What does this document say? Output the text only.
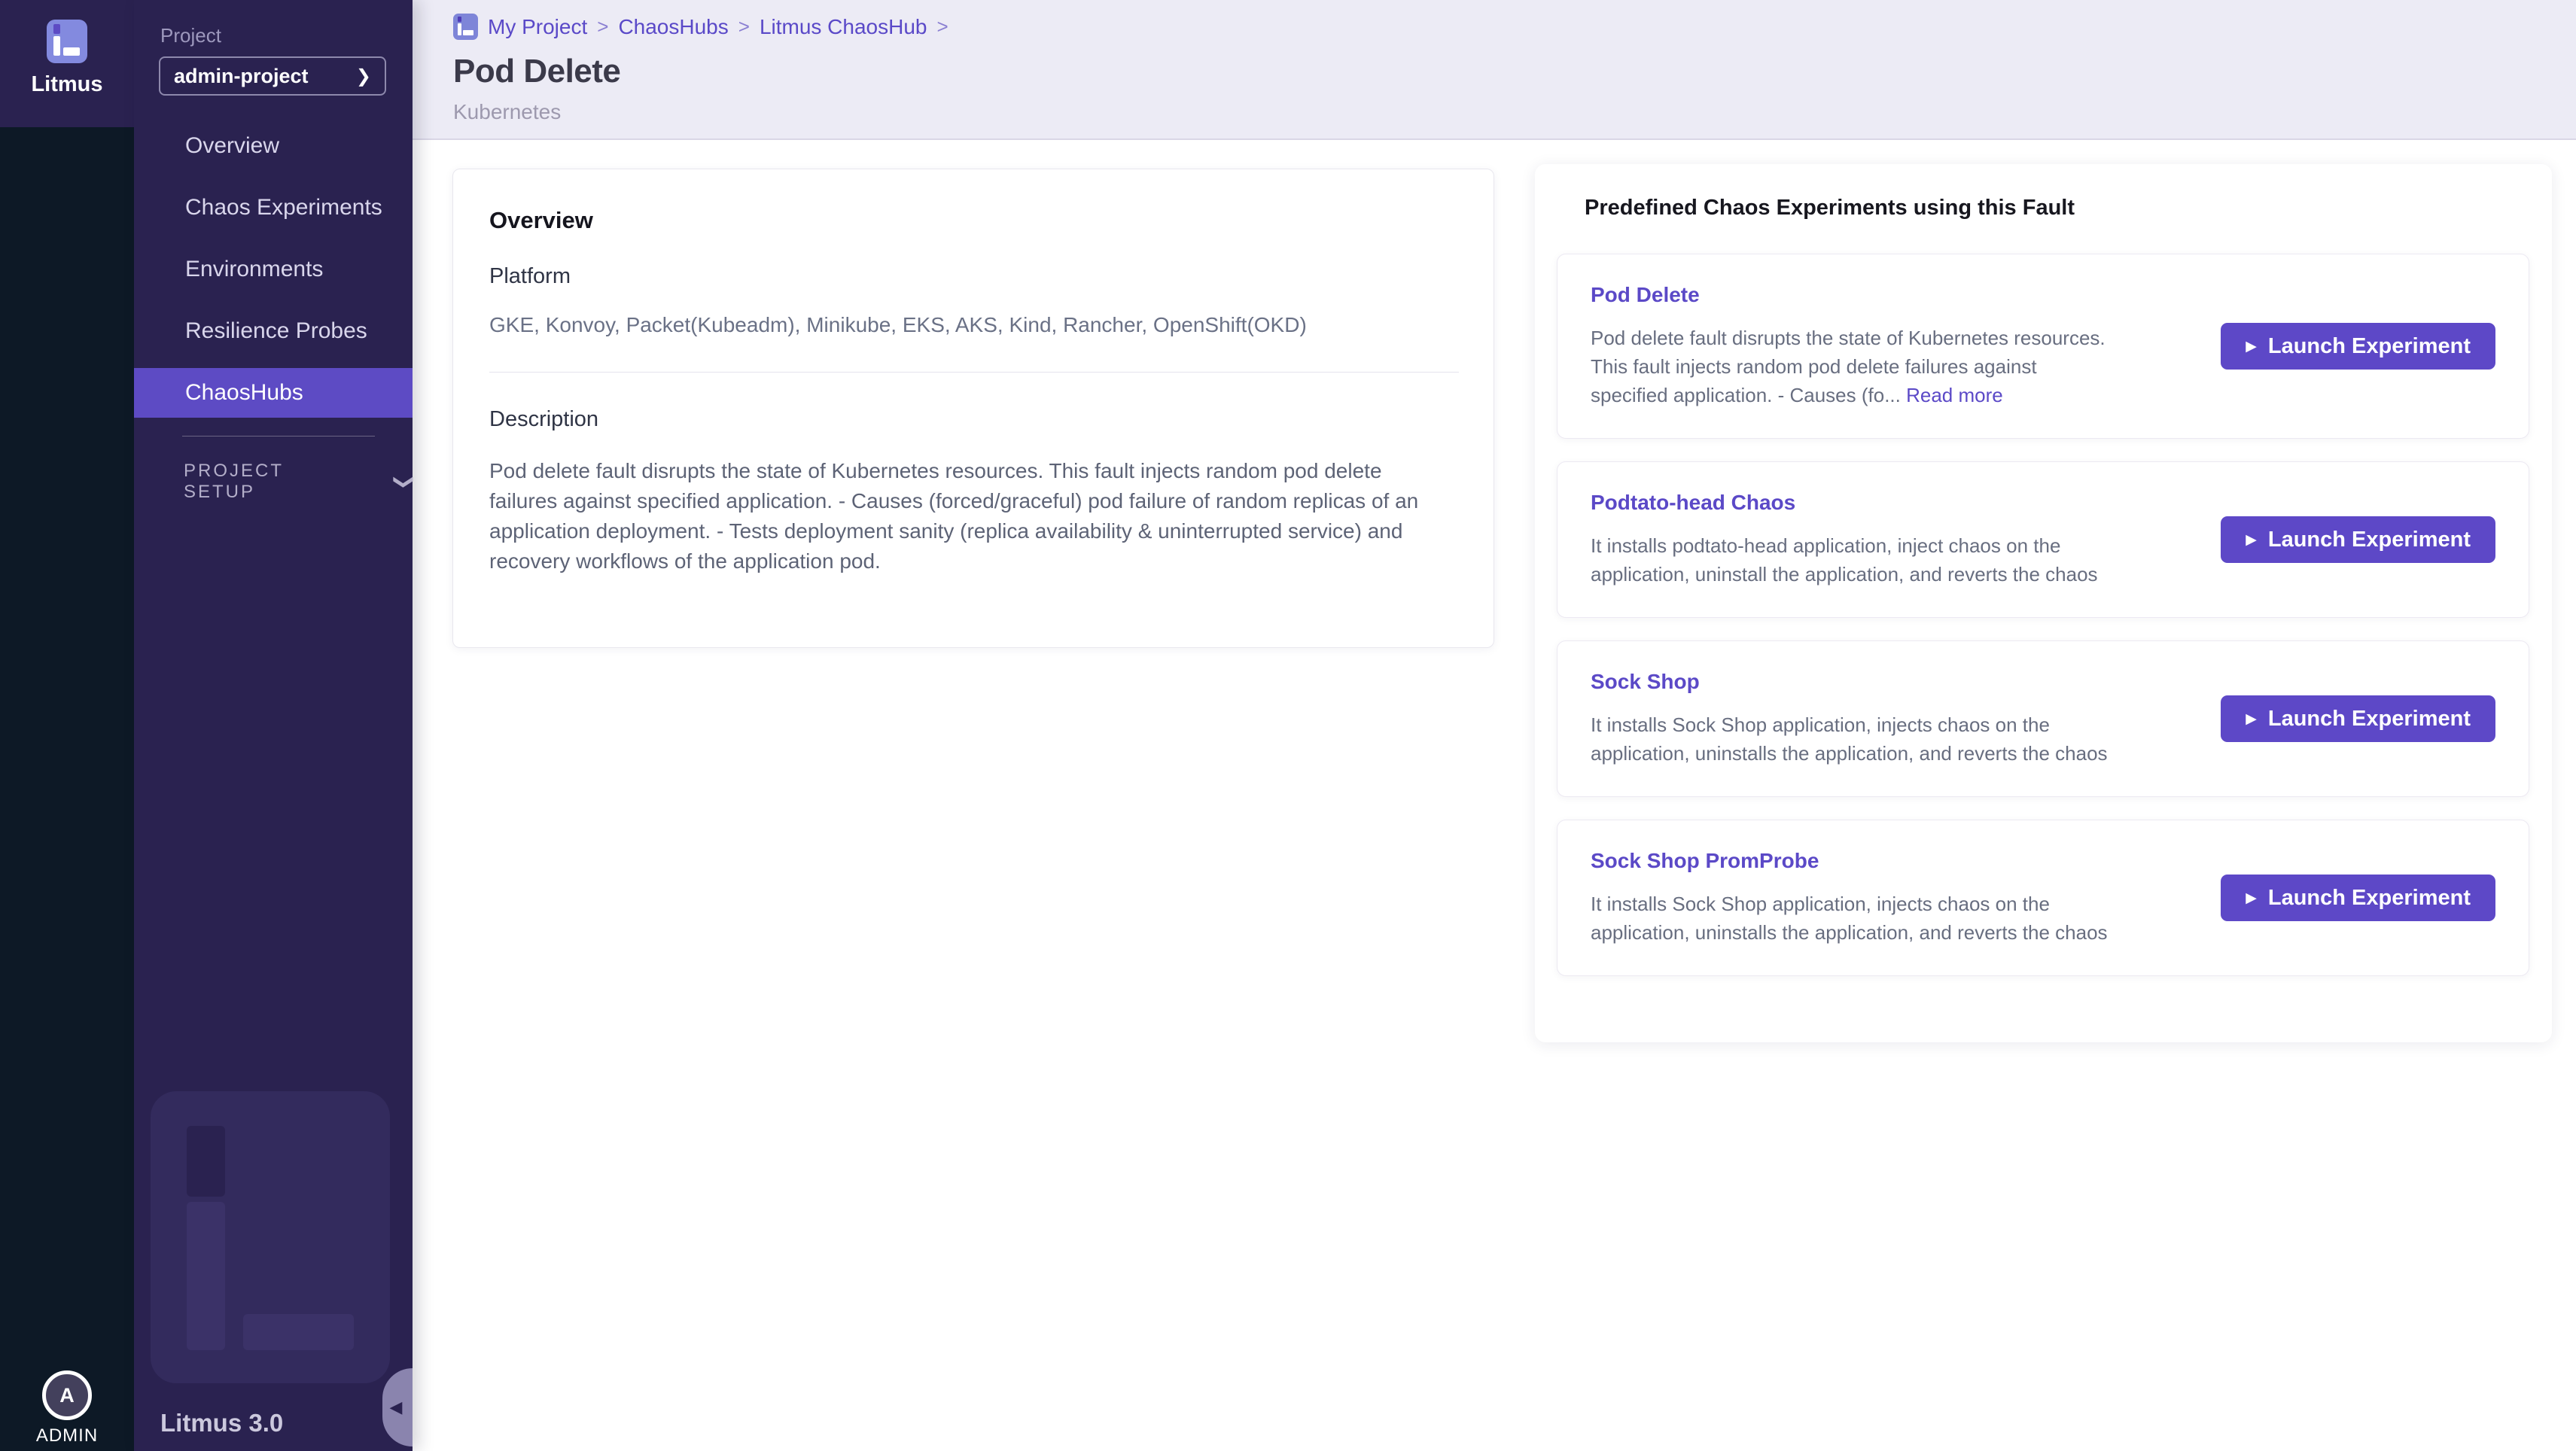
Litmus
A
ADMIN
Project
admin-project	❯
Overview
Chaos Experiments
Environments
Resilience Probes
ChaosHubs
PROJECT SETUP	❯
Litmus 3.0
◀
My Project > ChaosHubs > Litmus ChaosHub >
Pod Delete
Kubernetes
Overview
Platform
GKE, Konvoy, Packet(Kubeadm), Minikube, EKS, AKS, Kind, Rancher, OpenShift(OKD)
Description

Pod delete fault disrupts the state of Kubernetes resources. This fault injects random pod delete failures against specified application. - Causes (forced/graceful) pod failure of random replicas of an application deployment. - Tests deployment sanity (replica availability & uninterrupted service) and recovery workflows of the application pod.

Predefined Chaos Experiments using this Fault
Pod Delete
Pod delete fault disrupts the state of Kubernetes resources. This fault injects random pod delete failures against specified application. - Causes (fo... Read more
▶ Launch Experiment
Podtato-head Chaos
It installs podtato-head application, inject chaos on the application, uninstall the application, and reverts the chaos
▶ Launch Experiment
Sock Shop
It installs Sock Shop application, injects chaos on the application, uninstalls the application, and reverts the chaos
▶ Launch Experiment
Sock Shop PromProbe
It installs Sock Shop application, injects chaos on the application, uninstalls the application, and reverts the chaos
▶ Launch Experiment
